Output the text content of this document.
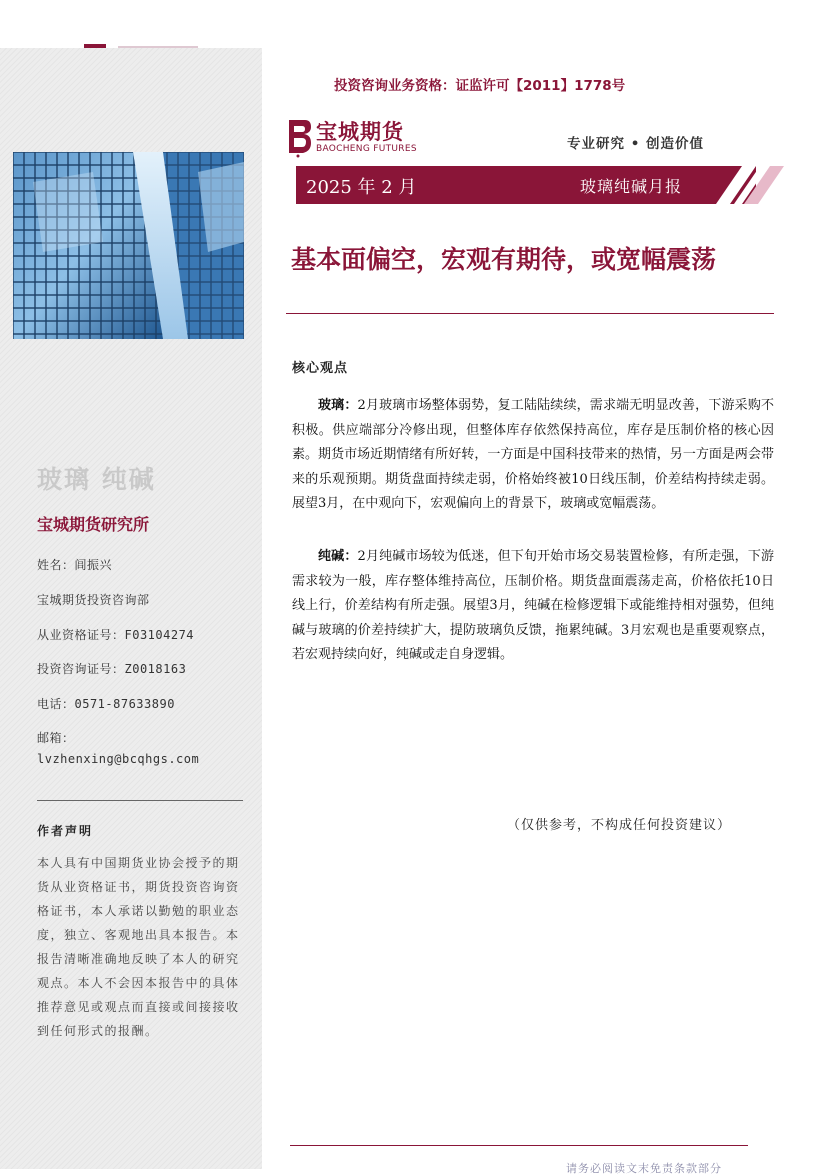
玻璃 纯碱
宝城期货研究所
姓名：闾振兴
宝城期货投资咨询部
从业资格证号：F03104274
投资咨询证号：Z0018163
电话：0571-87633890
邮箱：
lvzhenxing@bcqhgs.com
作者声明

本人具有中国期货业协会授予的期货从业资格证书，期货投资咨询资格证书，本人承诺以勤勉的职业态度，独立、客观地出具本报告。本报告清晰准确地反映了本人的研究观点。本人不会因本报告中的具体推荐意见或观点而直接或间接接收到任何形式的报酬。

投资咨询业务资格：证监许可【2011】1778号
宝城期货
BAOCHENG FUTURES	专业研究 • 创造价值
2025 年 2 月	玻璃纯碱月报
基本面偏空，宏观有期待，或宽幅震荡
核心观点

玻璃：2月玻璃市场整体弱势，复工陆陆续续，需求端无明显改善，下游采购不积极。供应端部分冷修出现，但整体库存依然保持高位，库存是压制价格的核心因素。期货市场近期情绪有所好转，一方面是中国科技带来的热情，另一方面是两会带来的乐观预期。期货盘面持续走弱，价格始终被10日线压制，价差结构持续走弱。展望3月，在中观向下，宏观偏向上的背景下，玻璃或宽幅震荡。

纯碱：2月纯碱市场较为低迷，但下旬开始市场交易装置检修，有所走强，下游需求较为一般，库存整体维持高位，压制价格。期货盘面震荡走高，价格依托10日线上行，价差结构有所走强。展望3月，纯碱在检修逻辑下或能维持相对强势，但纯碱与玻璃的价差持续扩大，提防玻璃负反馈，拖累纯碱。3月宏观也是重要观察点，若宏观持续向好，纯碱或走自身逻辑。

（仅供参考，不构成任何投资建议）
请务必阅读文末免责条款部分
